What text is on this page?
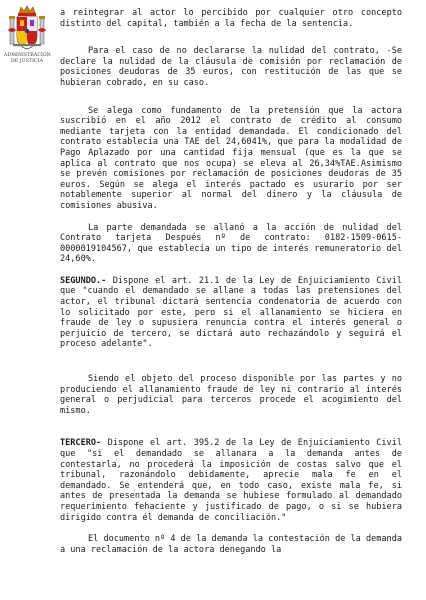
ADMINISTRACIÓN
DE JUSTICIA

a reintegrar al actor lo percibido por cualquier otro concepto distinto del capital, también a la fecha de la sentencia.

Para el caso de no declararse la nulidad del contrato, -Se declare la nulidad de la cláusula de comisión por reclamación de posiciones deudoras de 35 euros, con restitución de las que se hubieran cobrado, en su caso.

Se alega como fundamento de la pretensión que la actora suscribió en el año 2012 el contrato de crédito al consumo mediante tarjeta con la entidad demandada. El condicionado del contrato establecía una TAE del 24,6041%, que para la modalidad de Pago Aplazado por una cantidad fija mensual (que es la que se aplica al contrato que nos ocupa) se eleva al 26,34%TAE.Asimismo se prevén comisiones por reclamación de posiciones deudoras de 35 euros. Según se alega el interés pactado es usurario por ser notablemente superior al normal del dinero y la cláusula de comisiones abusiva.

La parte demandada se allanó a la acción de nulidad del Contrato tarjeta Después nº de contrato: 0182-1509-0615-0000019104567, que establecía un tipo de interés remuneratorio del 24,60%.

SEGUNDO.- Dispone el art. 21.1 de la Ley de Enjuiciamiento Civil que "cuando el demandado se allane a todas las pretensiones del actor, el tribunal dictará sentencia condenatoria de acuerdo con lo solicitado por este, pero si el allanamiento se hiciera en fraude de ley o supusiera renuncia contra el interés general o perjuicio de tercero, se dictará auto rechazándolo y seguirá el proceso adelante".

Siendo el objeto del proceso disponible por las partes y no produciendo el allanamiento fraude de ley ni contrario al interés general o perjudicial para terceros procede el acogimiento del mismo.

TERCERO- Dispone el art. 395.2 de la Ley de Enjuiciamiento Civil que "si el demandado se allanara a la demanda antes de contestarla, no procederá la imposición de costas salvo que el tribunal, razonándolo debidamente, aprecie mala fe en el demandado. Se entenderá que, en todo caso, existe mala fe, si antes de presentada la demanda se hubiese formulado al demandado requerimiento fehaciente y justificado de pago, o si se hubiera dirigido contra él demanda de conciliación."

El documento nº 4 de la demanda la contestación de la demanda a una reclamación de la actora denegando la
